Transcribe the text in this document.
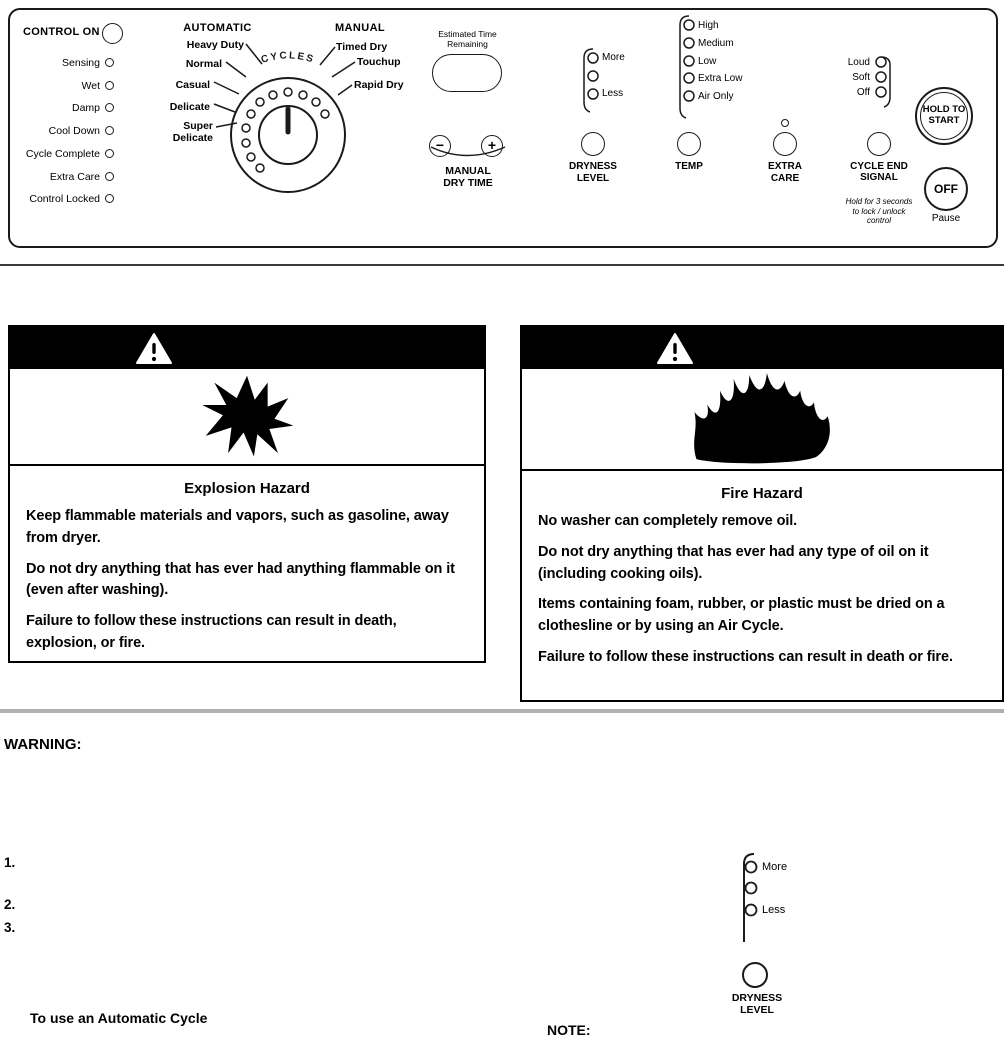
CONTROL ON
Sensing
Wet
Damp
Cool Down
Cycle Complete
Extra Care
Control Locked
CYCLES
AUTOMATIC	MANUAL
Heavy Duty
Normal
Casual
Delicate
Super Delicate
Timed Dry
Touchup
Rapid Dry
Estimated Time Remaining
−	+
MANUAL DRY TIME
More
Less
DRYNESS LEVEL
High
Medium
Low
Extra Low
Air Only
TEMP	EXTRA CARE
Loud
Soft
Off
CYCLE END SIGNAL
Hold for 3 seconds to lock / unlock control
HOLD TO START
OFF
Pause
Explosion Hazard

Keep flammable materials and vapors, such as gasoline, away from dryer.

Do not dry anything that has ever had anything flammable on it (even after washing).

Failure to follow these instructions can result in death, explosion, or fire.

Fire Hazard

No washer can completely remove oil.

Do not dry anything that has ever had any type of oil on it (including cooking oils).

Items containing foam, rubber, or plastic must be dried on a clothesline or by using an Air Cycle.

Failure to follow these instructions can result in death or fire.

WARNING:
1.
2.
3.
More
Less
DRYNESS LEVEL
To use an Automatic Cycle
NOTE:
